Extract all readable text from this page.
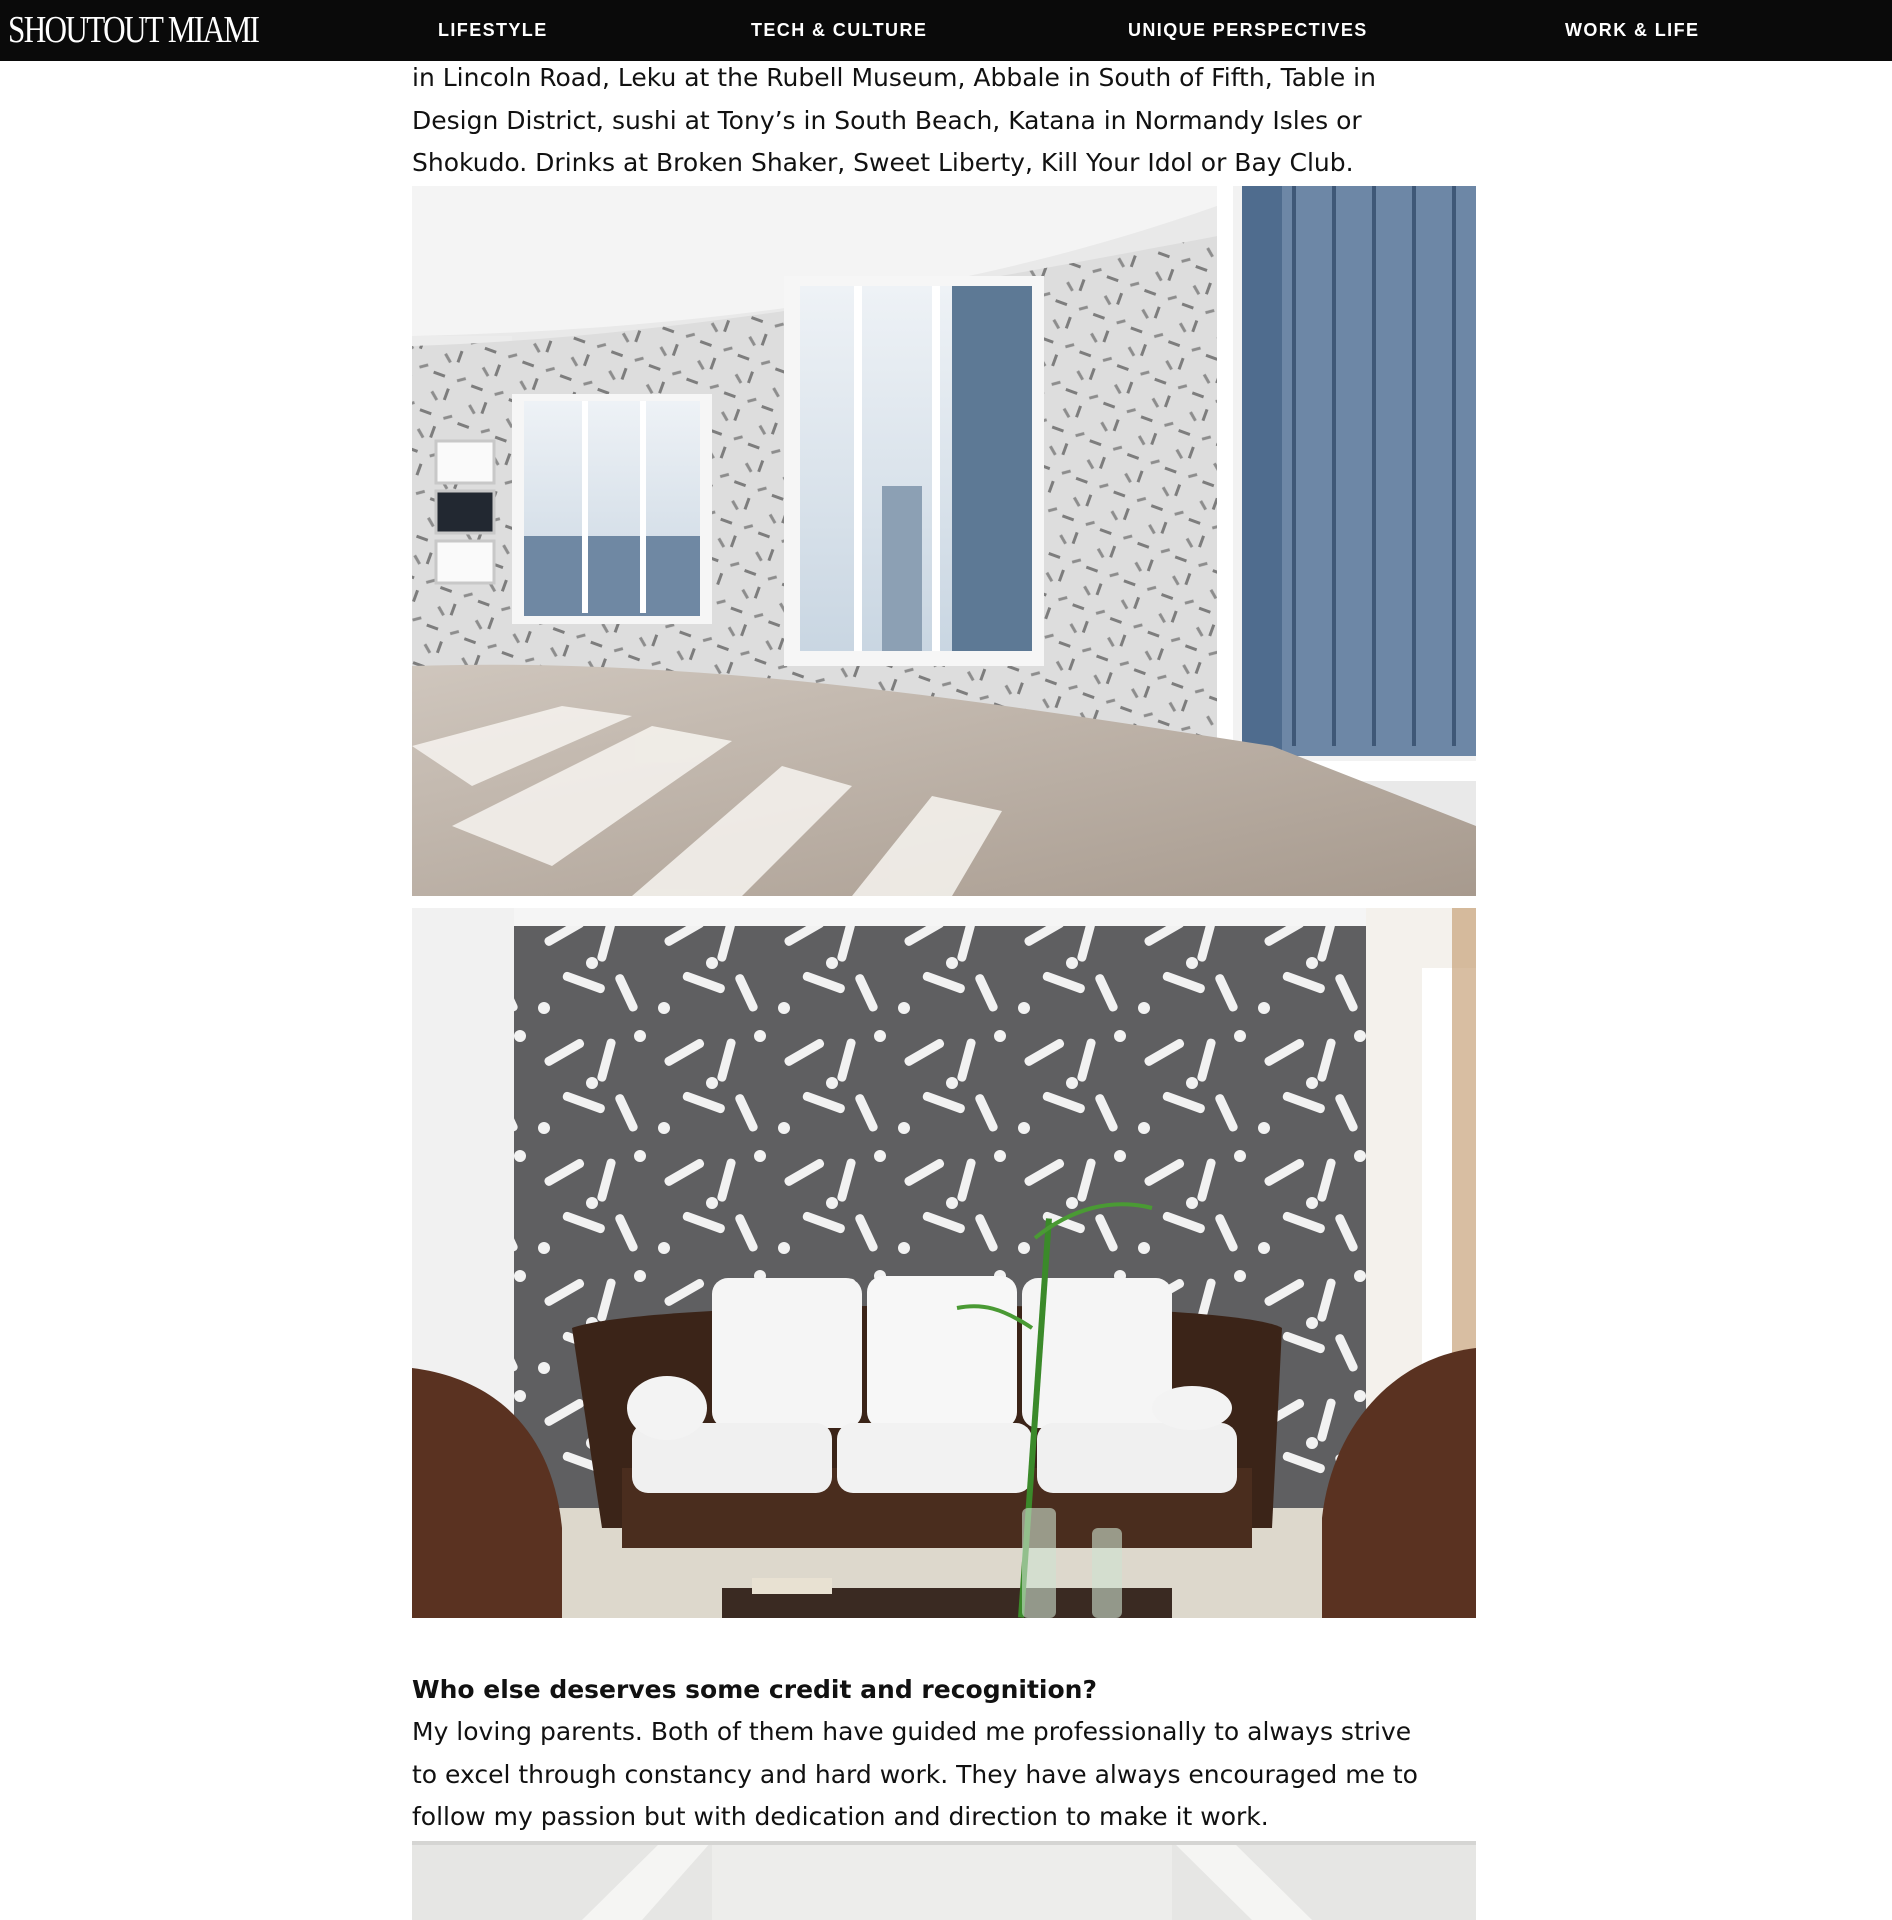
SHOUTOUT MIAMI	LIFESTYLE	TECH & CULTURE	UNIQUE PERSPECTIVES	WORK & LIFE

in Lincoln Road, Leku at the Rubell Museum, Abbale in South of Fifth, Table in

Design District, sushi at Tony’s in South Beach, Katana in Normandy Isles or

Shokudo. Drinks at Broken Shaker, Sweet Liberty, Kill Your Idol or Bay Club.

Who else deserves some credit and recognition?

My loving parents. Both of them have guided me professionally to always strive

to excel through constancy and hard work. They have always encouraged me to

follow my passion but with dedication and direction to make it work.
